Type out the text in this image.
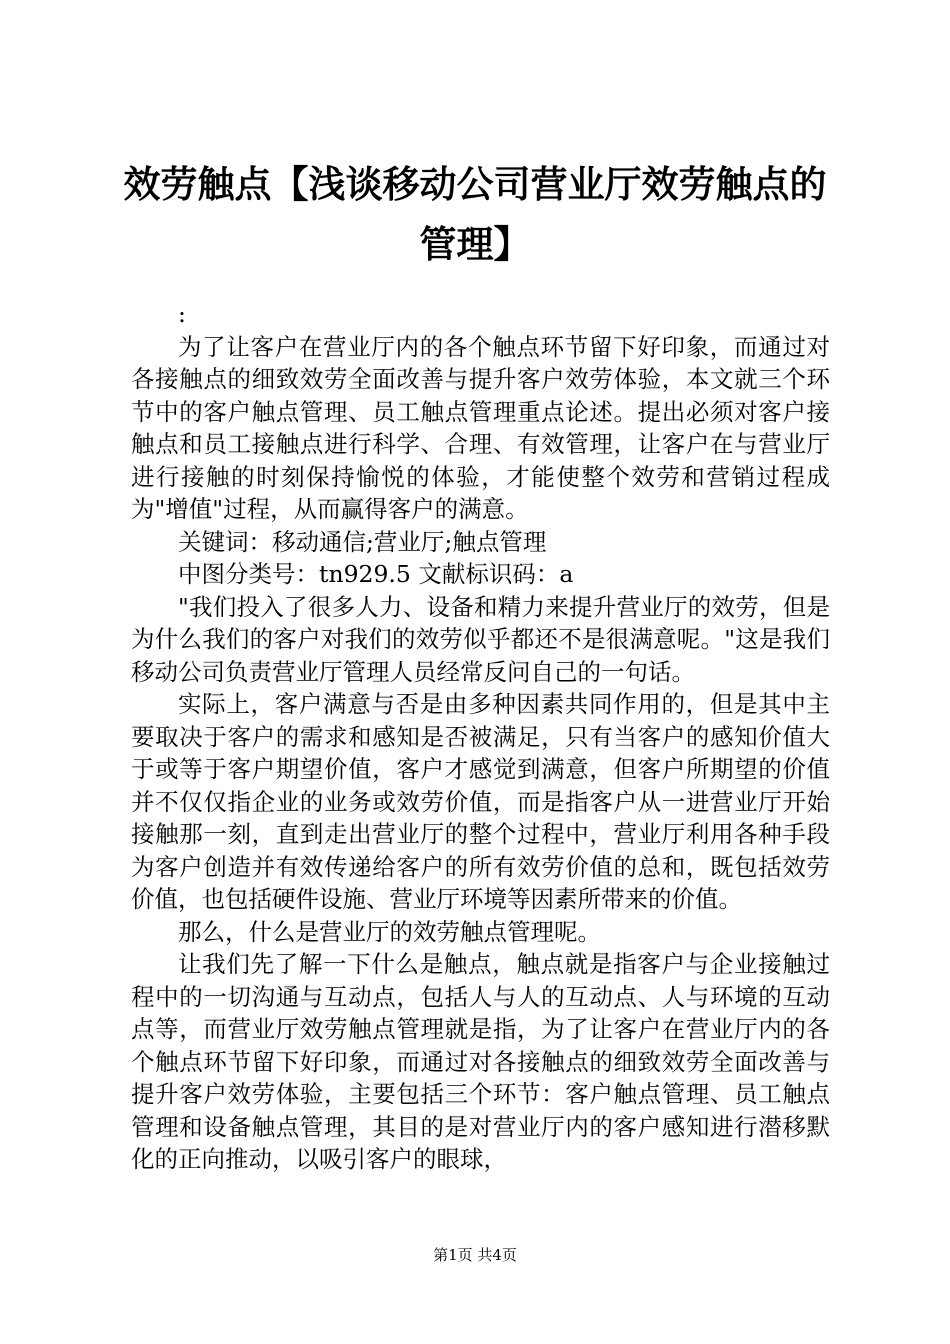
效劳触点【浅谈移动公司营业厅效劳触点的管理】

:

为了让客户在营业厅内的各个触点环节留下好印象，而通过对各接触点的细致效劳全面改善与提升客户效劳体验，本文就三个环节中的客户触点管理、员工触点管理重点论述。提出必须对客户接触点和员工接触点进行科学、合理、有效管理，让客户在与营业厅进行接触的时刻保持愉悦的体验，才能使整个效劳和营销过程成为"增值"过程，从而赢得客户的满意。

关键词：移动通信;营业厅;触点管理

中图分类号：tn929.5 文献标识码：a

"我们投入了很多人力、设备和精力来提升营业厅的效劳，但是为什么我们的客户对我们的效劳似乎都还不是很满意呢。"这是我们移动公司负责营业厅管理人员经常反问自己的一句话。

实际上，客户满意与否是由多种因素共同作用的，但是其中主要取决于客户的需求和感知是否被满足，只有当客户的感知价值大于或等于客户期望价值，客户才感觉到满意，但客户所期望的价值并不仅仅指企业的业务或效劳价值，而是指客户从一进营业厅开始接触那一刻，直到走出营业厅的整个过程中，营业厅利用各种手段为客户创造并有效传递给客户的所有效劳价值的总和，既包括效劳价值，也包括硬件设施、营业厅环境等因素所带来的价值。

那么，什么是营业厅的效劳触点管理呢。

让我们先了解一下什么是触点，触点就是指客户与企业接触过程中的一切沟通与互动点，包括人与人的互动点、人与环境的互动点等，而营业厅效劳触点管理就是指，为了让客户在营业厅内的各个触点环节留下好印象，而通过对各接触点的细致效劳全面改善与提升客户效劳体验，主要包括三个环节：客户触点管理、员工触点管理和设备触点管理，其目的是对营业厅内的客户感知进行潜移默化的正向推动，以吸引客户的眼球，

第1页 共4页
